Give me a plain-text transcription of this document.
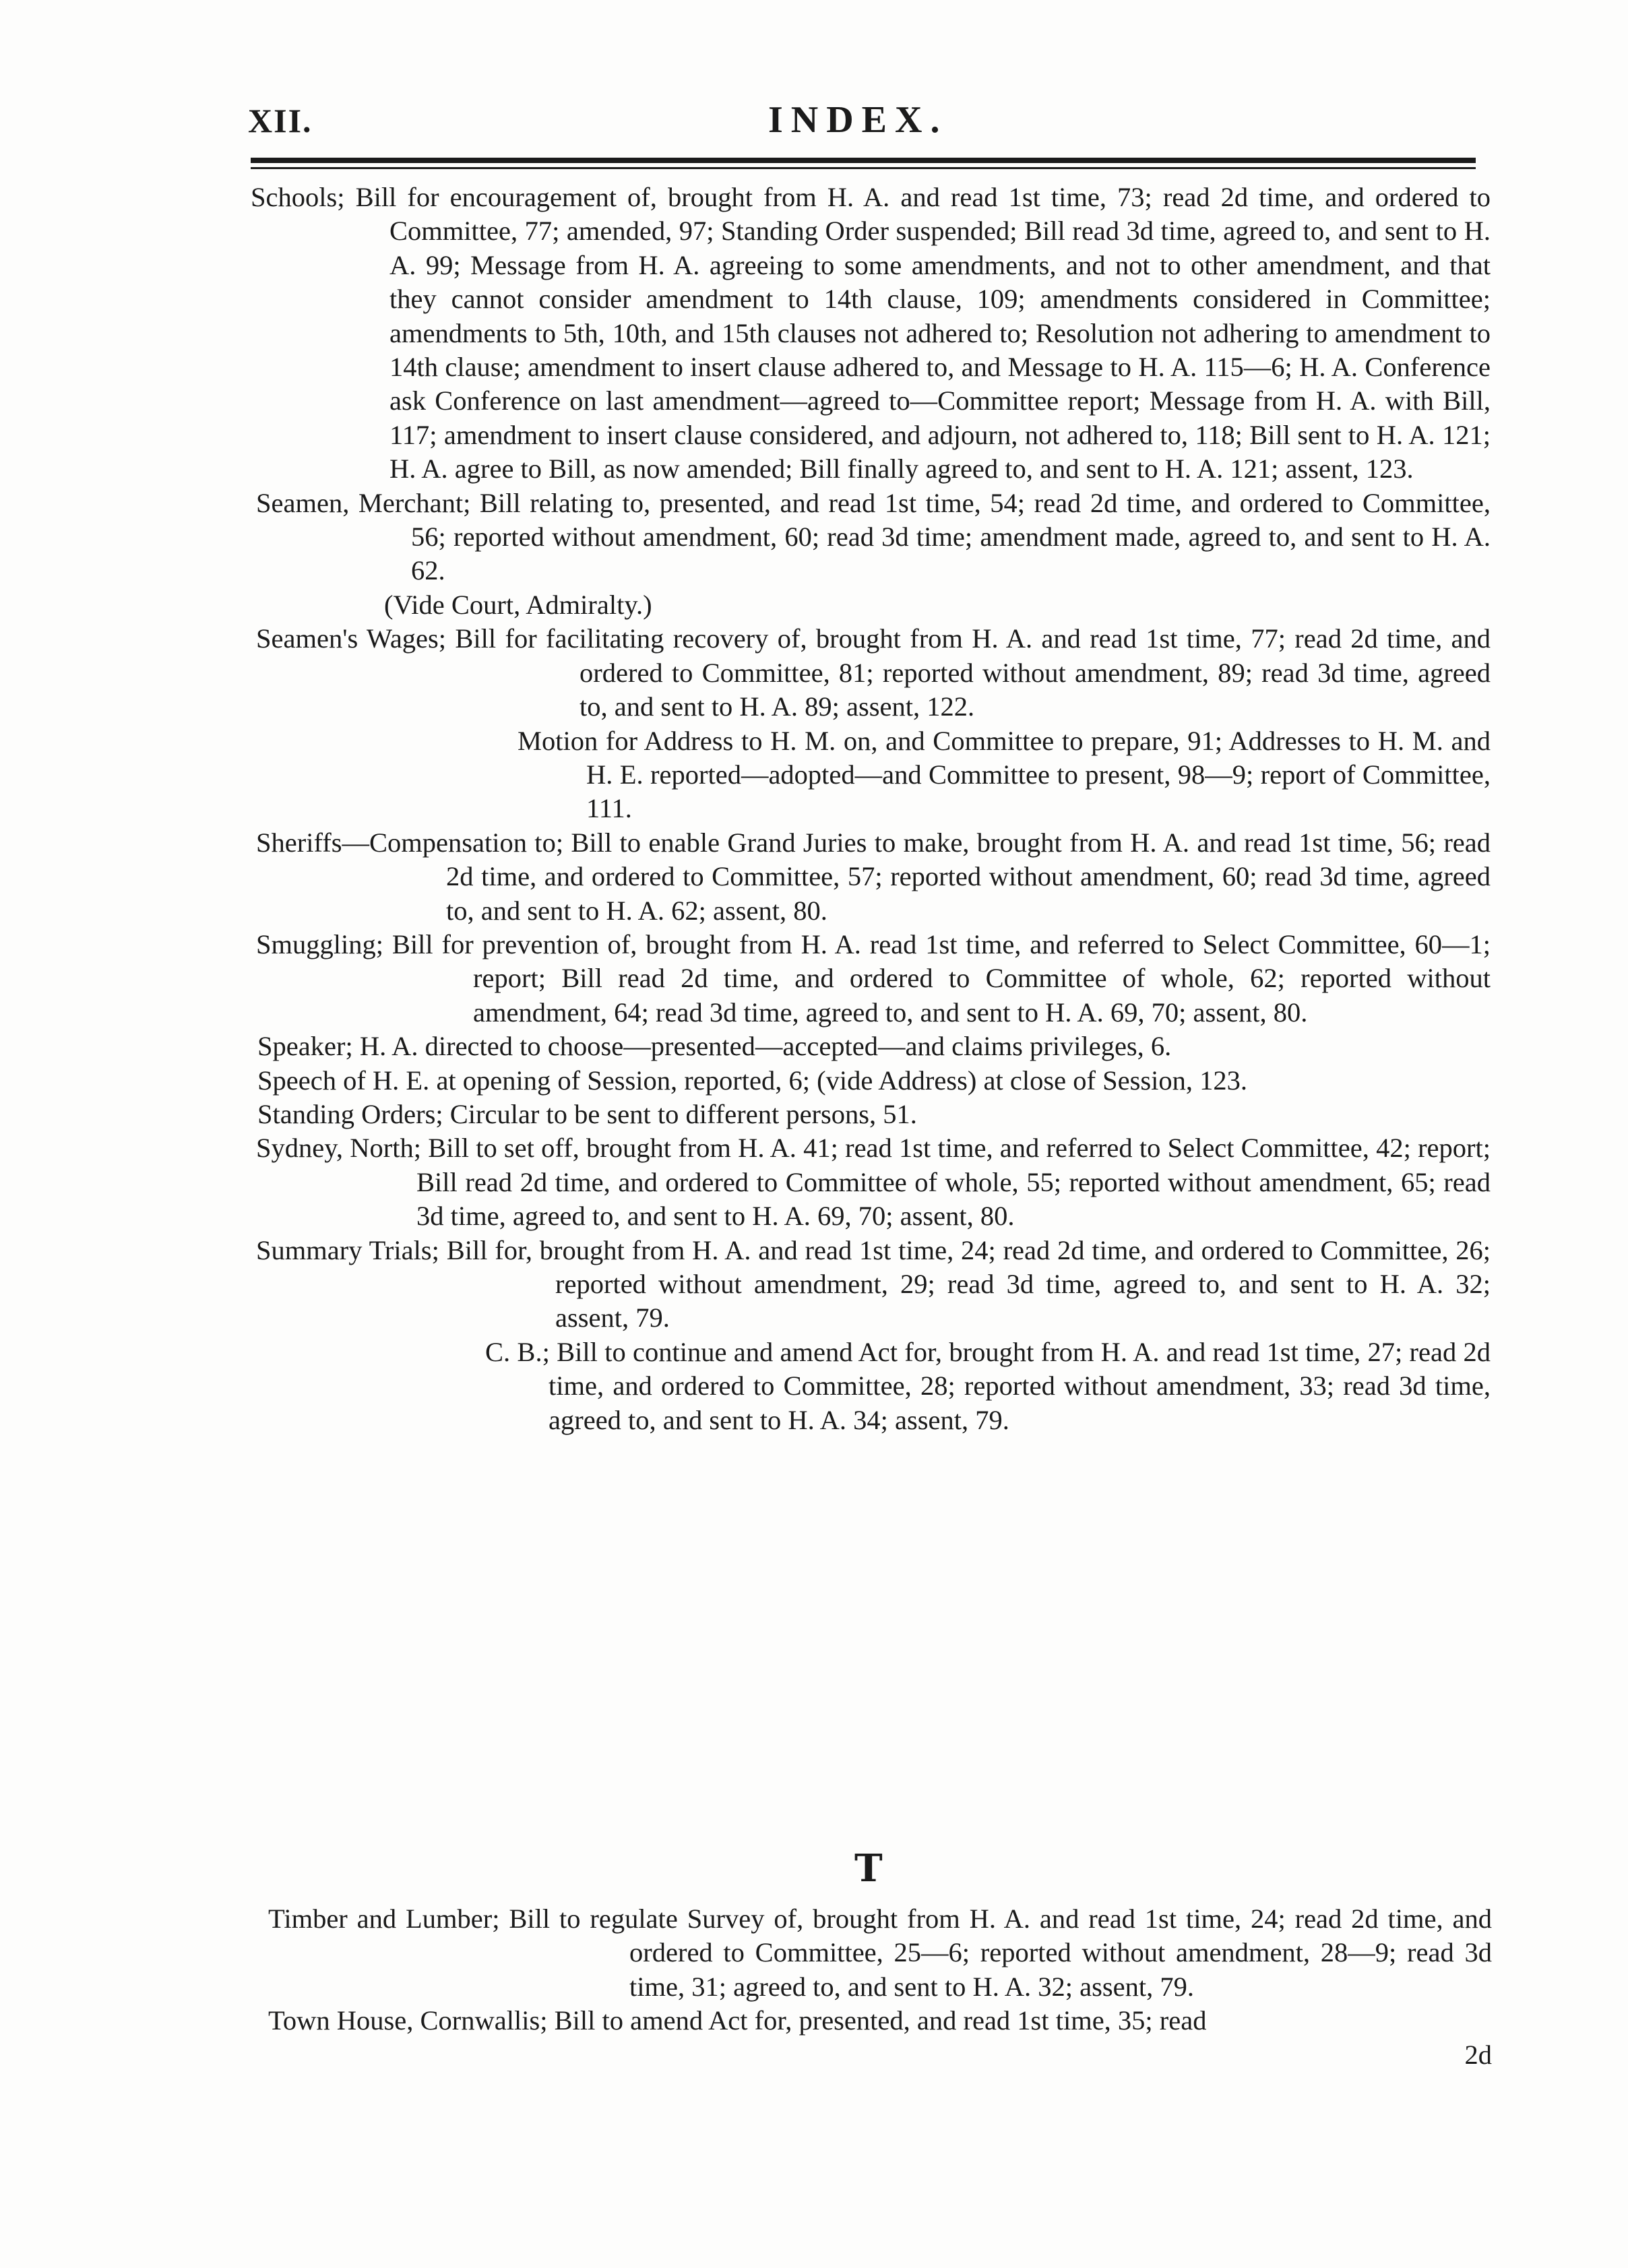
XII.	INDEX.

Schools; Bill for encouragement of, brought from H. A. and read 1st time, 73; read 2d time, and ordered to Committee, 77; amended, 97; Standing Order suspended; Bill read 3d time, agreed to, and sent to H. A. 99; Message from H. A. agreeing to some amendments, and not to other amendment, and that they cannot consider amendment to 14th clause, 109; amendments considered in Committee; amendments to 5th, 10th, and 15th clauses not adhered to; Resolution not adhering to amendment to 14th clause; amendment to insert clause adhered to, and Message to H. A. 115—6; H. A. Conference ask Conference on last amendment—agreed to—Committee report; Message from H. A. with Bill, 117; amendment to insert clause considered, and adjourn, not adhered to, 118; Bill sent to H. A. 121; H. A. agree to Bill, as now amended; Bill finally agreed to, and sent to H. A. 121; assent, 123.

Seamen, Merchant; Bill relating to, presented, and read 1st time, 54; read 2d time, and ordered to Committee, 56; reported without amendment, 60; read 3d time; amendment made, agreed to, and sent to H. A. 62.

(Vide Court, Admiralty.)

Seamen's Wages; Bill for facilitating recovery of, brought from H. A. and read 1st time, 77; read 2d time, and ordered to Committee, 81; reported without amendment, 89; read 3d time, agreed to, and sent to H. A. 89; assent, 122.

Motion for Address to H. M. on, and Committee to prepare, 91; Addresses to H. M. and H. E. reported—adopted—and Committee to present, 98—9; report of Committee, 111.

Sheriffs—Compensation to; Bill to enable Grand Juries to make, brought from H. A. and read 1st time, 56; read 2d time, and ordered to Committee, 57; reported without amendment, 60; read 3d time, agreed to, and sent to H. A. 62; assent, 80.

Smuggling; Bill for prevention of, brought from H. A. read 1st time, and referred to Select Committee, 60—1; report; Bill read 2d time, and ordered to Committee of whole, 62; reported without amendment, 64; read 3d time, agreed to, and sent to H. A. 69, 70; assent, 80.

Speaker; H. A. directed to choose—presented—accepted—and claims privileges, 6.

Speech of H. E. at opening of Session, reported, 6; (vide Address) at close of Session, 123.

Standing Orders; Circular to be sent to different persons, 51.

Sydney, North; Bill to set off, brought from H. A. 41; read 1st time, and referred to Select Committee, 42; report; Bill read 2d time, and ordered to Committee of whole, 55; reported without amendment, 65; read 3d time, agreed to, and sent to H. A. 69, 70; assent, 80.

Summary Trials; Bill for, brought from H. A. and read 1st time, 24; read 2d time, and ordered to Committee, 26; reported without amendment, 29; read 3d time, agreed to, and sent to H. A. 32; assent, 79.

C. B.; Bill to continue and amend Act for, brought from H. A. and read 1st time, 27; read 2d time, and ordered to Committee, 28; reported without amendment, 33; read 3d time, agreed to, and sent to H. A. 34; assent, 79.

T

Timber and Lumber; Bill to regulate Survey of, brought from H. A. and read 1st time, 24; read 2d time, and ordered to Committee, 25—6; reported without amendment, 28—9; read 3d time, 31; agreed to, and sent to H. A. 32; assent, 79.

Town House, Cornwallis; Bill to amend Act for, presented, and read 1st time, 35; read
2d
